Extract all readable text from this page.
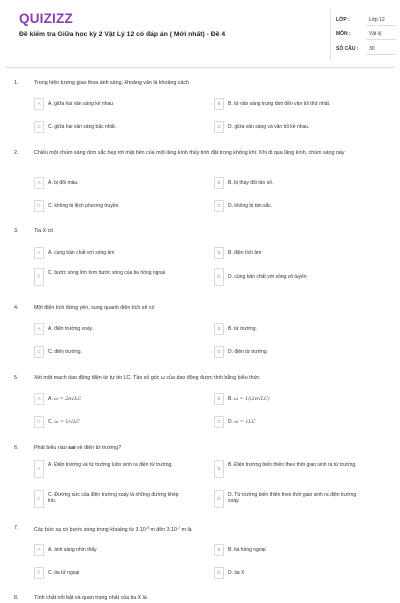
QUIZIZZ
Đề kiểm tra Giữa học kỳ 2 Vật Lý 12 có đáp án ( Mới nhất) - Đề 4
LỚP :	Lớp 12
MÔN :	Vật lý
SỐ CÂU : 30
1.	Trong hiện tượng giao thoa ánh sáng, khoảng vân là khoảng cách
A	A. giữa hai vân sáng kề nhau	B	B. từ vân sáng trung tâm đến vân tối thứ nhất.
C	C. giữa hai vân sáng bậc nhất.	D	D. giữa vân sáng và vân tối kề nhau.
2.	Chiếu một chùm sáng đơn sắc hẹp tới mặt bên của một lăng kính thủy tinh đặt trong không khí. Khi đi qua lăng kính, chùm sáng này
A	A. bị đổi màu.	B	B. bị thay đổi tần số.
C	C. không bị lệch phương truyền.	D	D. không bị tán sắc.
3.	Tia X có
A	A. cùng bản chất với sóng âm	B	B. điện tích âm
C
C. bước sóng lớn hơn bước sóng của tia hồng ngoại
D	D. cùng bản chất với sóng vô tuyến
4.	Một điện tích đứng yên, xung quanh điện tích sẽ có
A	A. điện trường xoáy.	B	B. từ trường.
C	C. điện trường.	D	D. điện từ trường
5.	Xét một mạch dao động điện từ tự do LC. Tần số góc ω của dao động được tính bằng biểu thức
A	A. ω = 2π√LC	B	B. ω = 1/(2π√LC)
C	C. ω = 1/√LC	D	D. ω = √LC
6.	Phát biểu nào sai về điện từ trường?
A
A. Điện trường và từ trường luôn sinh ra điện từ trường.
B
B. Điện trường biến thiên theo thời gian sinh ra từ trường.
C
C. Đường sức của điện trường xoáy là những đường khép kín.	D
D. Từ trường biến thiên theo thời gian sinh ra điện trường xoáy.
7.	Các bức xạ có bước sóng trong khoảng từ $3.10^{-9}$ m đến $3.10^{-7}$ m là
A	A. ánh sáng nhìn thấy	B	B. tia hồng ngoại
C	C. tia tử ngoại	D	D. tia X
8.	Tính chất nổi bật và quan trọng nhất của tia X là
